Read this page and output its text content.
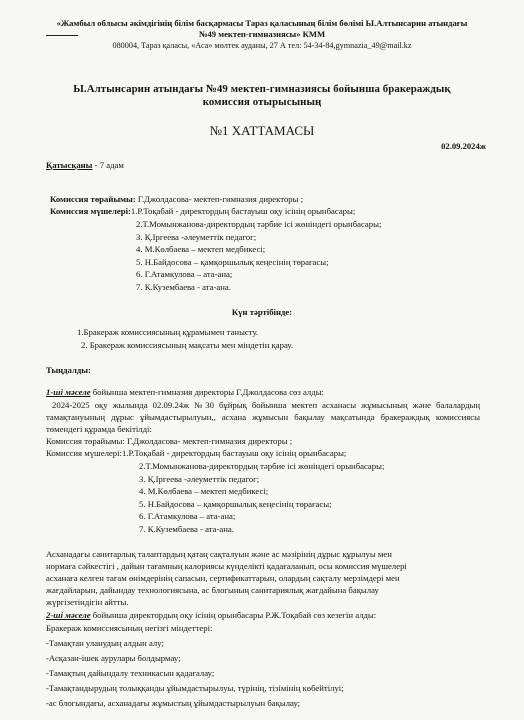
«Жамбыл облысы әкімдігінің білім басқармасы Тараз қаласының білім бөлімі Ы.Алтынсарин атындағы
№49 мектеп-гимназиясы» КММ
080004, Тараз қаласы, «Аса» мөлтек ауданы, 27 А тел: 54-34-84,gymnazia_49@mail.kz
Ы.Алтынсарин атындағы №49 мектеп-гимназиясы бойынша бракераждық
комиссия отырысының
№1 ХАТТАМАСЫ
02.09.2024ж
Қатысқаны - 7 адам
Комиссия төрайымы: Г.Джолдасова- мектеп-гимназия директоры ;
Комиссия мүшелері:1.Р.Тоқабай - директордың бастауыш оқу ісінің орынбасары;
2.Т.Момынжанова-директордың тәрбие ісі жөніндегі орынбасары;
3. Қ.Іргеева -әлеуметтік педагог;
4. М.Көлбаева – мектеп медбикесі;
5. Н.Байдосова – қамқоршылық кеңесінің төрағасы;
6. Г.Атамкулова – ата-ана;
7. К.Кузембаева - ата-ана.
Күн тәртібінде:
1.Бракераж комиссиясының құрамымен танысту.
2. Бракераж комиссиясының мақсаты мен міндетін қарау.
Тыңдалды:
1-ші мәселе бойынша мектеп-гимназия директоры Г.Джолдасова сөз алды:
2024-2025 оқу жылында 02.09.24ж №30 бұйрық бойынша мектеп асханасы жұмысының және балалардың тамақтануының дұрыс ұйымдастырылуын,, асхана жұмысын бақылау мақсатында бракераждық комиссиясы төмендегі құрамда бекітілді:
Комиссия төрайымы: Г.Джолдасова- мектеп-гимназия директоры ;
Комиссия мүшелері:1.Р.Тоқабай - директордың бастауыш оқу ісінің орынбасары;
2.Т.Момынжанова-директордың тәрбие ісі жөніндегі орынбасары;
3. Қ.Іргеева -әлеуметтік педагог;
4. М.Көлбаева – мектеп медбикесі;
5. Н.Байдосова – қамқоршылық кеңесінің төрағасы;
6. Г.Атамкулова – ата-ана;
7. К.Кузембаева - ата-ана.
Асханадағы санитарлық талаптардың қатаң сақталуын және ас мәзірінің дұрыс құрылуы мен
нормаға сәйкестігі , дайын тағамның калориясы күнделікті қадағаланып, осы комиссия мүшелері
асханаға келген тағам өнімдерінің сапасын, сертификаттарын, олардың сақталу мерзімдері мен
жағдайларын, дайындау технологиясына, ас блогының санитариялық жағдайына бақылау
жүргізетіндігін айтты.
2-ші мәселе бойынша директордың оқу ісінің орынбасары Р.Ж.Тоқабай сөз кезегін алды:
Бракераж комиссиясының негізгі міндеттері:
-Тамақтан уланудың алдын алу;
-Асқазан-ішек аурулары болдырмау;
-Тамақтың дайындалу техникасын қадағалау;
-Тамақтандырудың толыққанды ұйымдастырылуы, түрінің, тізімінің көбейтілуі;
-ас блогындағы, асханадағы жұмыстың ұйымдастырылуын бақылау;
